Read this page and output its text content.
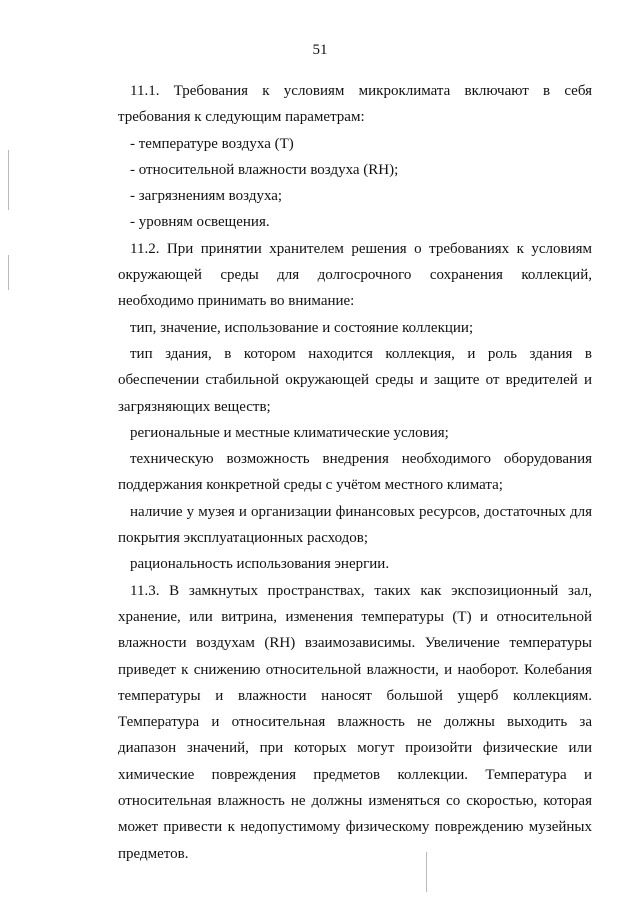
51

11.1. Требования к условиям микроклимата включают в себя требования к следующим параметрам:

- температуре воздуха (T)

- относительной влажности воздуха (RH);

- загрязнениям воздуха;

- уровням освещения.

11.2. При принятии хранителем решения о требованиях к условиям окружающей среды для долгосрочного сохранения коллекций, необходимо принимать во внимание:

тип, значение, использование и состояние коллекции;

тип здания, в котором находится коллекция, и роль здания в обеспечении стабильной окружающей среды и защите от вредителей и загрязняющих веществ;

региональные и местные климатические условия;

техническую возможность внедрения необходимого оборудования поддержания конкретной среды с учётом местного климата;

наличие у музея и организации финансовых ресурсов, достаточных для покрытия эксплуатационных расходов;

рациональность использования энергии.

11.3. В замкнутых пространствах, таких как экспозиционный зал, хранение, или витрина, изменения температуры (T) и относительной влажности воздухам (RH) взаимозависимы. Увеличение температуры приведет к снижению относительной влажности, и наоборот. Колебания температуры и влажности наносят большой ущерб коллекциям. Температура и относительная влажность не должны выходить за диапазон значений, при которых могут произойти физические или химические повреждения предметов коллекции. Температура и относительная влажность не должны изменяться со скоростью, которая может привести к недопустимому физическому повреждению музейных предметов.
